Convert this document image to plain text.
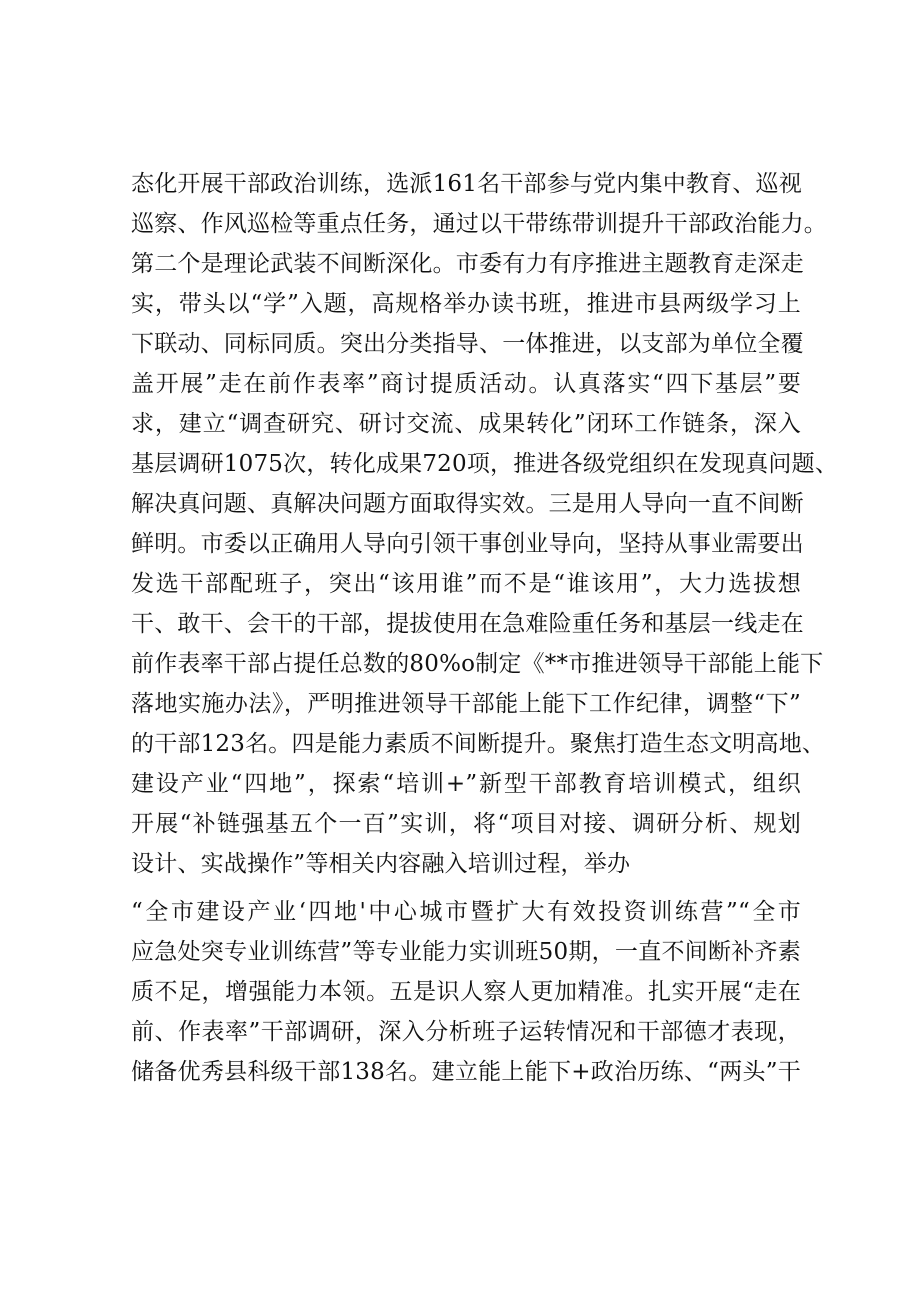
态化开展干部政治训练，选派161名干部参与党内集中教育、巡视
巡察、作风巡检等重点任务，通过以干带练带训提升干部政治能力。
第二个是理论武装不间断深化。市委有力有序推进主题教育走深走
实，带头以“学”入题，高规格举办读书班，推进市县两级学习上
下联动、同标同质。突出分类指导、一体推进，以支部为单位全覆
盖开展”走在前作表率”商讨提质活动。认真落实“四下基层”要
求，建立“调查研究、研讨交流、成果转化”闭环工作链条，深入
基层调研1075次，转化成果720项，推进各级党组织在发现真问题、
解决真问题、真解决问题方面取得实效。三是用人导向一直不间断
鲜明。市委以正确用人导向引领干事创业导向，坚持从事业需要出
发选干部配班子，突出“该用谁”而不是“谁该用”，大力选拔想
干、敢干、会干的干部，提拔使用在急难险重任务和基层一线走在
前作表率干部占提任总数的80%o制定《**市推进领导干部能上能下
落地实施办法》，严明推进领导干部能上能下工作纪律，调整“下”
的干部123名。四是能力素质不间断提升。聚焦打造生态文明高地、
建设产业“四地”，探索“培训+”新型干部教育培训模式，组织
开展“补链强基五个一百”实训，将“项目对接、调研分析、规划
设计、实战操作”等相关内容融入培训过程，举办
“全市建设产业‘四地'中心城市暨扩大有效投资训练营”“全市
应急处突专业训练营”等专业能力实训班50期，一直不间断补齐素
质不足，增强能力本领。五是识人察人更加精准。扎实开展“走在
前、作表率”干部调研，深入分析班子运转情况和干部德才表现，
储备优秀县科级干部138名。建立能上能下+政治历练、“两头”干
